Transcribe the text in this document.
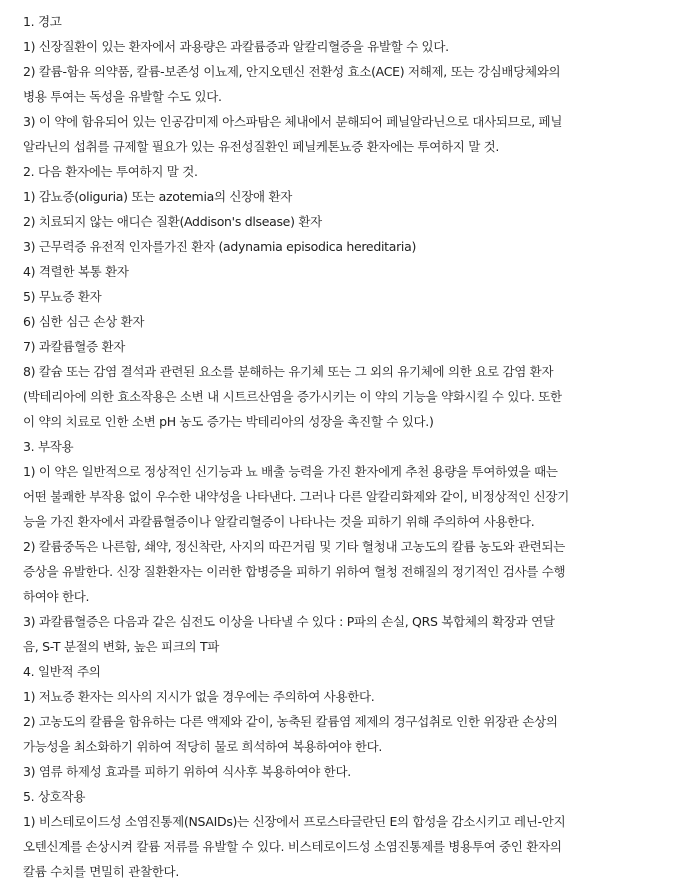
1. 경고
1) 신장질환이 있는 환자에서 과용량은 과칼륨증과 알칼리혈증을 유발할 수 있다.
2) 칼륨-함유 의약품, 칼륨-보존성 이뇨제, 안지오텐신 전환성 효소(ACE) 저해제, 또는 강심배당체와의
병용 투여는 독성을 유발할 수도 있다.
3) 이 약에 함유되어 있는 인공감미제 아스파탐은 체내에서 분해되어 페닐알라닌으로 대사되므로, 페닐
알라닌의 섭취를 규제할 필요가 있는 유전성질환인 페닐케톤뇨증 환자에는 투여하지 말 것.
2. 다음 환자에는 투여하지 말 것.
1) 감뇨증(oliguria) 또는 azotemia의 신장애 환자
2) 치료되지 않는 애디슨 질환(Addison's dlsease) 환자
3) 근무력증 유전적 인자를가진 환자 (adynamia episodica hereditaria)
4) 격렬한 복통 환자
5) 무뇨증 환자
6) 심한 심근 손상 환자
7) 과칼륨혈증 환자
8) 칼슘 또는 감염 결석과 관련된 요소를 분해하는 유기체 또는 그 외의 유기체에 의한 요로 감염 환자
(박테리아에 의한 효소작용은 소변 내 시트르산염을 증가시키는 이 약의 기능을 약화시킬 수 있다. 또한
이 약의 치료로 인한 소변 pH 농도 증가는 박테리아의 성장을 촉진할 수 있다.)
3. 부작용
1) 이 약은 일반적으로 정상적인 신기능과 뇨 배출 능력을 가진 환자에게 추천 용량을 투여하였을 때는
어떤 불쾌한 부작용 없이 우수한 내약성을 나타낸다. 그러나 다른 알칼리화제와 같이, 비정상적인 신장기
능을 가진 환자에서 과칼륨혈증이나 알칼리혈증이 나타나는 것을 피하기 위해 주의하여 사용한다.
2) 칼륨중독은 나른함, 쇄약, 정신착란, 사지의 따끈거림 및 기타 혈청내 고농도의 칼륨 농도와 관련되는
증상을 유발한다. 신장 질환환자는 이러한 합병증을 피하기 위하여 혈청 전해질의 정기적인 검사를 수행
하여야 한다.
3) 과칼륨혈증은 다음과 같은 심전도 이상을 나타낼 수 있다 : P파의 손실, QRS 복합체의 확장과 연달
음, S-T 분절의 변화, 높은 피크의 T파
4. 일반적 주의
1) 저뇨증 환자는 의사의 지시가 없을 경우에는 주의하여 사용한다.
2) 고농도의 칼륨을 함유하는 다른 액제와 같이, 농축된 칼륨염 제제의 경구섭취로 인한 위장관 손상의
가능성을 최소화하기 위하여 적당히 물로 희석하여 복용하여야 한다.
3) 염류 하제성 효과를 피하기 위하여 식사후 복용하여야 한다.
5. 상호작용
1) 비스테로이드성 소염진통제(NSAIDs)는 신장에서 프로스타글란딘 E의 합성을 감소시키고 레닌-안지
오텐신계를 손상시켜 칼륨 저류를 유발할 수 있다. 비스테로이드성 소염진통제를 병용투여 중인 환자의
칼륨 수치를 면밀히 관찰한다.
